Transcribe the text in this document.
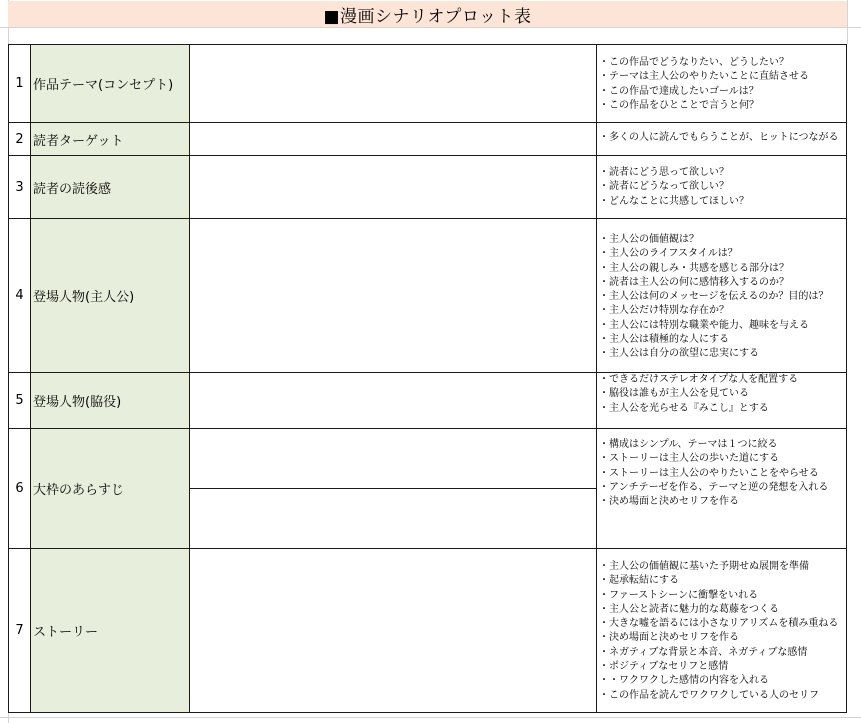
■漫画シナリオプロット表
1 作品テーマ(コンセプト)
・この作品でどうなりたい、どうしたい？
・テーマは主人公のやりたいことに直結させる
・この作品で達成したいゴールは？
・この作品をひとことで言うと何？
2 読者ターゲット	・多くの人に読んでもらうことが、ヒットにつながる
3 読者の読後感
・読者にどう思って欲しい？
・読者にどうなって欲しい？
・どんなことに共感してほしい？
4 登場人物(主人公)
・主人公の価値観は？
・主人公のライフスタイルは？
・主人公の親しみ・共感を感じる部分は？
・読者は主人公の何に感情移入するのか？
・主人公は何のメッセージを伝えるのか？目的は？
・主人公だけ特別な存在か？
・主人公には特別な職業や能力、趣味を与える
・主人公は積極的な人にする
・主人公は自分の欲望に忠実にする
5 登場人物(脇役)
・できるだけステレオタイプな人を配置する
・脇役は誰もが主人公を見ている
・主人公を光らせる『みこし』とする
6 大枠のあらすじ
・構成はシンプル、テーマは１つに絞る
・ストーリーは主人公の歩いた道にする
・ストーリーは主人公のやりたいことをやらせる
・アンチテーゼを作る、テーマと逆の発想を入れる
・決め場面と決めセリフを作る
7 ストーリー
・主人公の価値観に基いた予期せぬ展開を準備
・起承転結にする
・ファーストシーンに衝撃をいれる
・主人公と読者に魅力的な葛藤をつくる
・大きな嘘を語るには小さなリアリズムを積み重ねる
・決め場面と決めセリフを作る
・ネガティブな背景と本音、ネガティブな感情
・ポジティブなセリフと感情
・・ワクワクした感情の内容を入れる
・この作品を読んでワクワクしている人のセリフ
